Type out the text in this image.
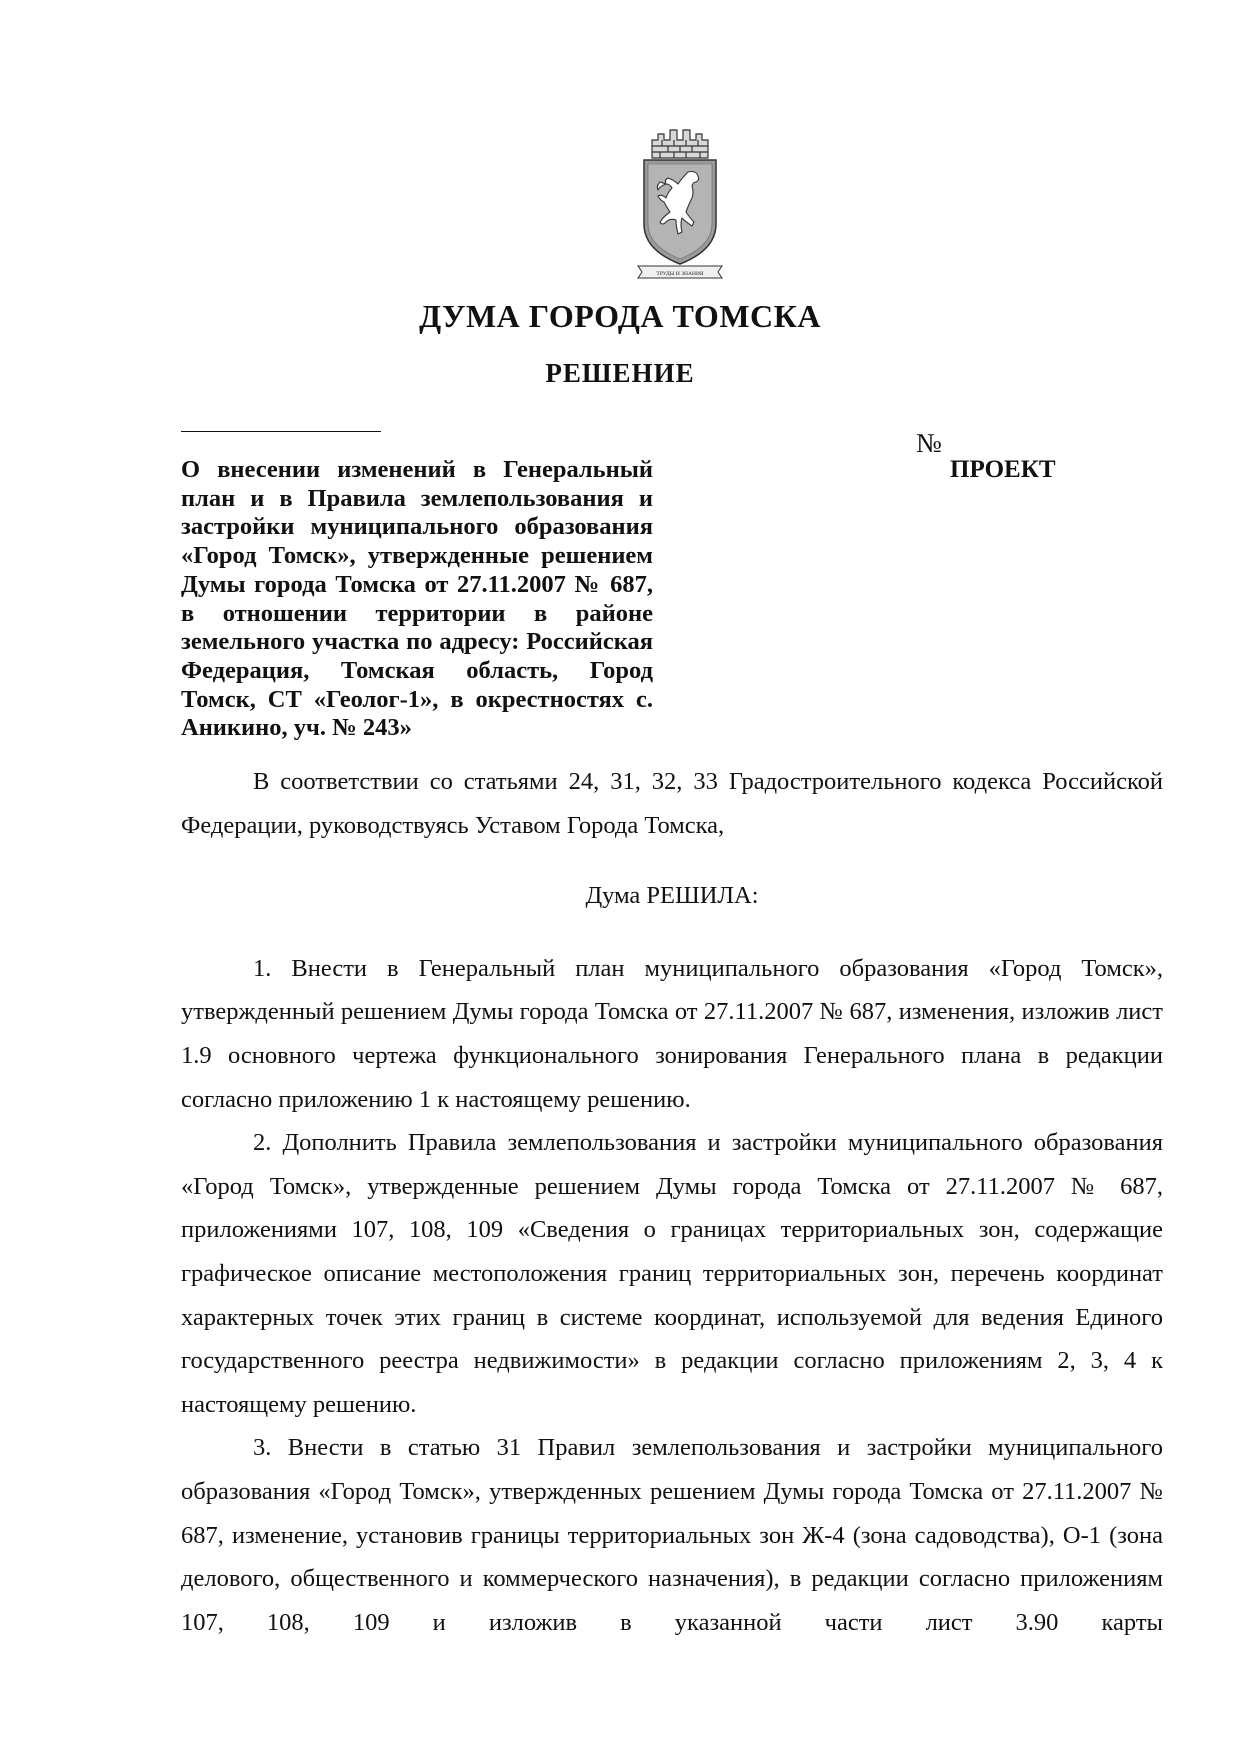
ТРУДЫ И ЗНАНИЯ
ДУМА ГОРОДА ТОМСКА
РЕШЕНИЕ
№
ПРОЕКТ
О внесении изменений в Генеральный план и в Правила землепользования и застройки муниципального образования «Город Томск», утвержденные решением Думы города Томска от 27.11.2007 № 687, в отношении территории в районе земельного участка по адресу: Российская Федерация, Томская область, Город Томск, СТ «Геолог-1», в окрестностях с. Аникино, уч. № 243»

В соответствии со статьями 24, 31, 32, 33 Градостроительного кодекса Российской Федерации, руководствуясь Уставом Города Томска,

Дума РЕШИЛА:

1. Внести в Генеральный план муниципального образования «Город Томск», утвержденный решением Думы города Томска от 27.11.2007 № 687, изменения, изложив лист 1.9 основного чертежа функционального зонирования Генерального плана в редакции согласно приложению 1 к настоящему решению.

2. Дополнить Правила землепользования и застройки муниципального образования «Город Томск», утвержденные решением Думы города Томска от 27.11.2007 № 687, приложениями 107, 108, 109 «Сведения о границах территориальных зон, содержащие графическое описание местоположения границ территориальных зон, перечень координат характерных точек этих границ в системе координат, используемой для ведения Единого государственного реестра недвижимости» в редакции согласно приложениям 2, 3, 4 к настоящему решению.

3. Внести в статью 31 Правил землепользования и застройки муниципального образования «Город Томск», утвержденных решением Думы города Томска от 27.11.2007 № 687, изменение, установив границы территориальных зон Ж-4 (зона садоводства), О-1 (зона делового, общественного и коммерческого назначения), в редакции согласно приложениям 107, 108, 109 и изложив в указанной части лист 3.90 карты
